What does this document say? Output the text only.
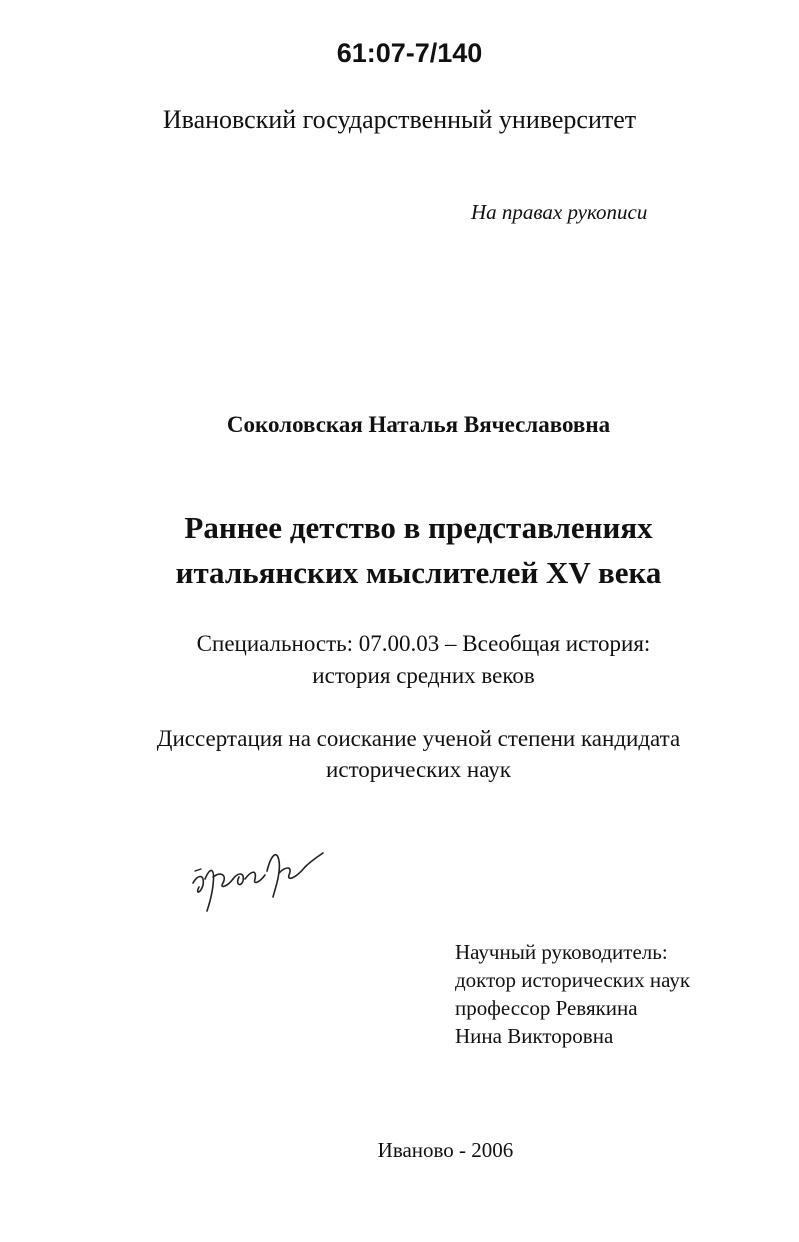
61:07-7/140
Ивановский государственный университет
На правах рукописи
Соколовская Наталья Вячеславовна
Раннее детство в представлениях
итальянских мыслителей XV века
Специальность: 07.00.03 – Всеобщая история:
история средних веков
Диссертация на соискание ученой степени кандидата
исторических наук
Научный руководитель:
доктор исторических наук
профессор Ревякина
Нина Викторовна
Иваново - 2006
